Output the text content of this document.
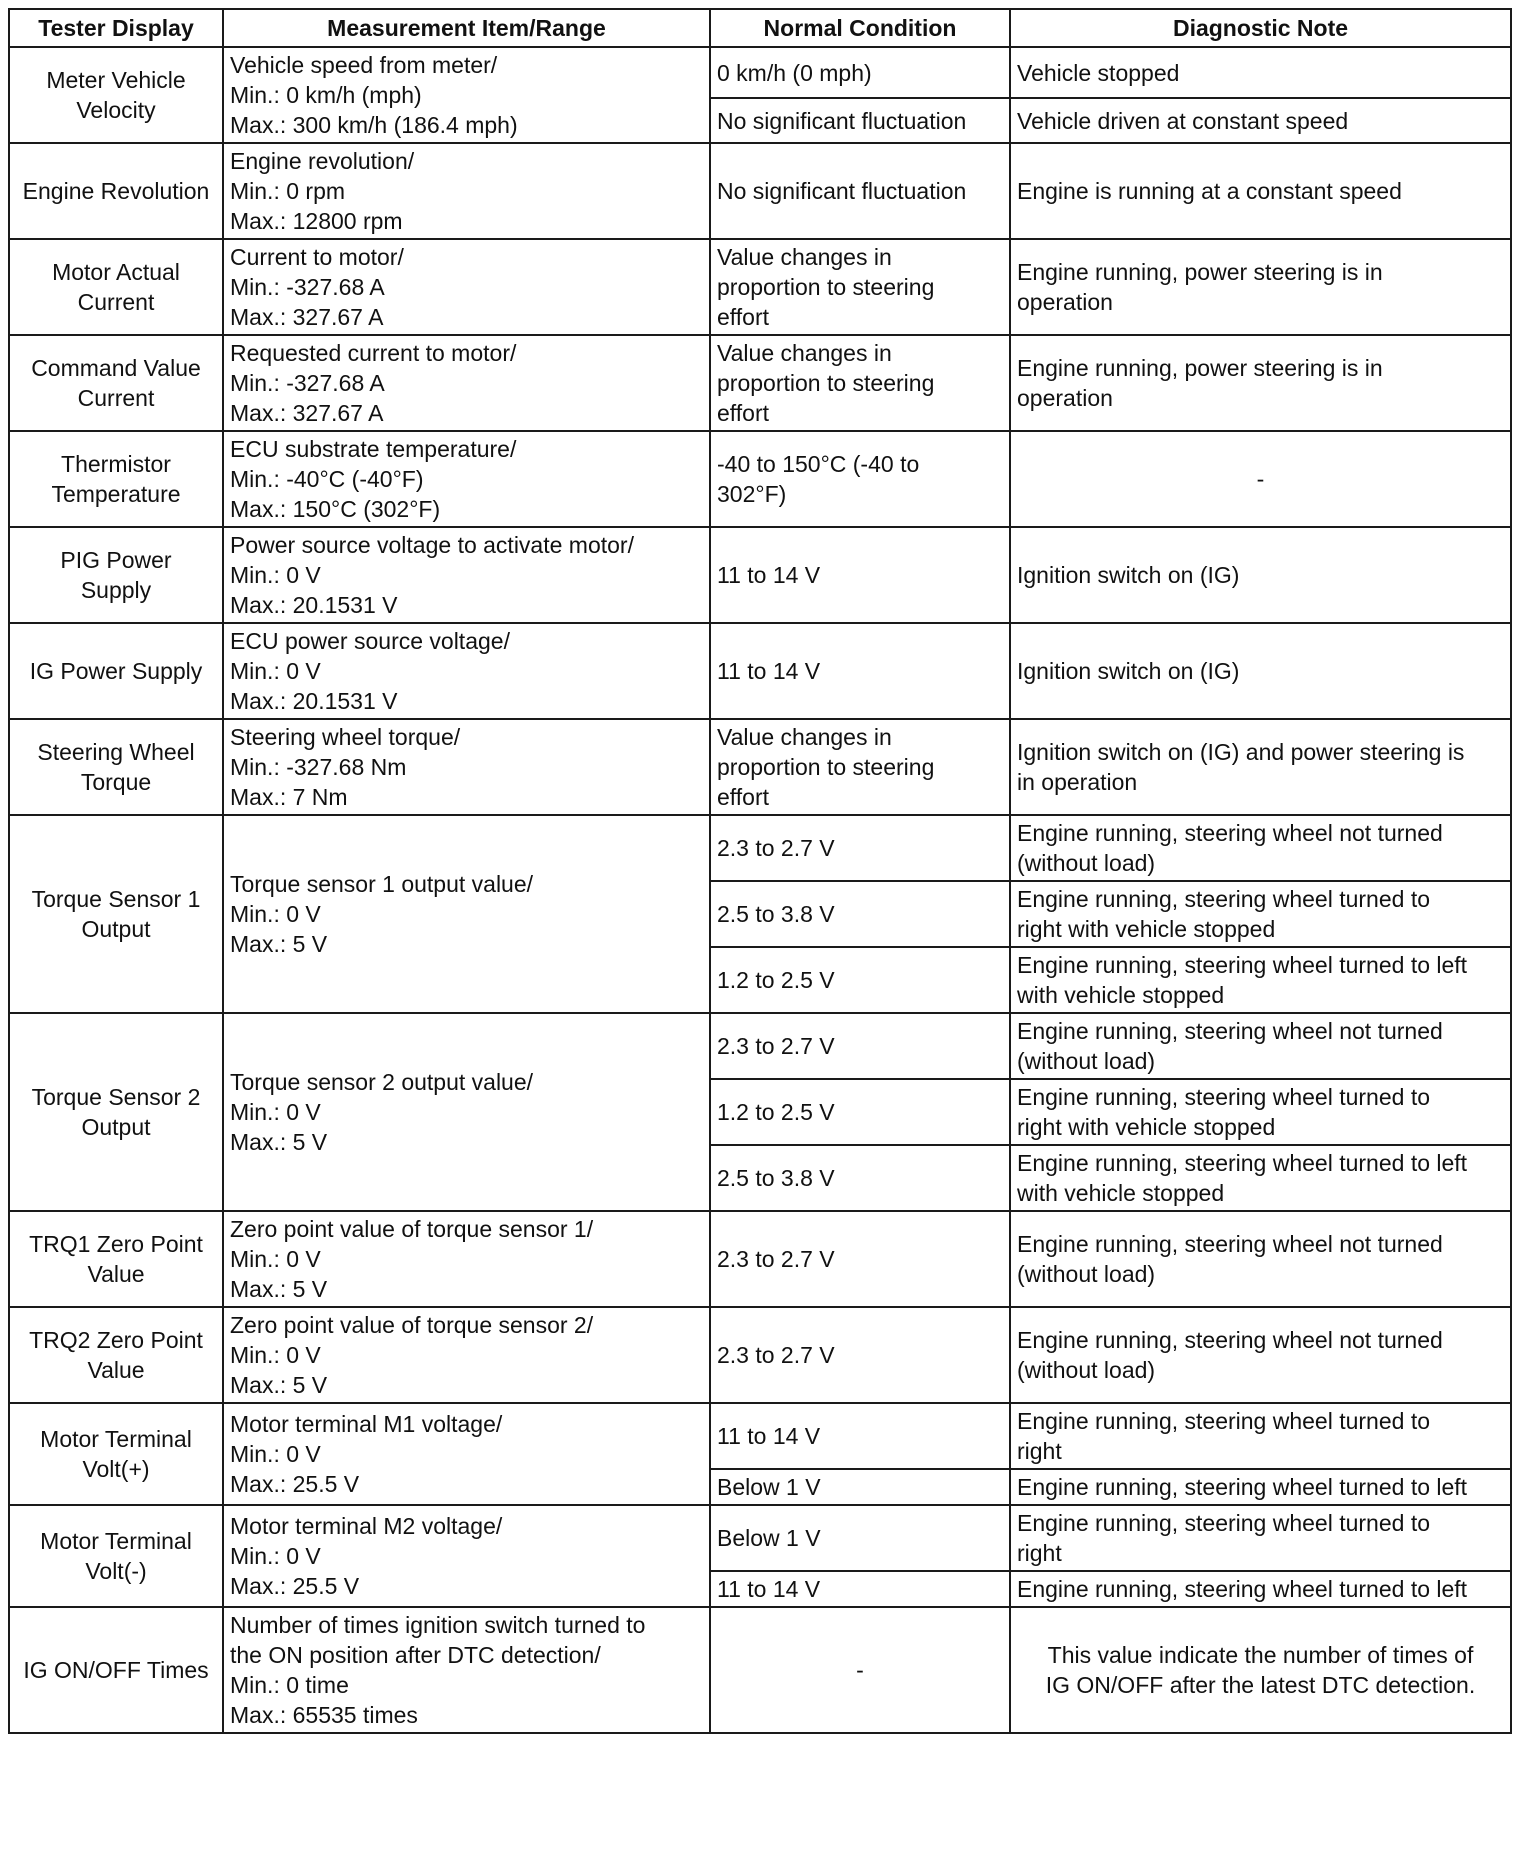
Tester Display	Measurement Item/Range	Normal Condition	Diagnostic Note
Meter Vehicle
Velocity	Vehicle speed from meter/
Min.: 0 km/h (mph)
Max.: 300 km/h (186.4 mph)	0 km/h (0 mph)	Vehicle stopped
		No significant fluctuation	Vehicle driven at constant speed
Engine Revolution	Engine revolution/
Min.: 0 rpm
Max.: 12800 rpm	No significant fluctuation	Engine is running at a constant speed
Motor Actual
Current	Current to motor/
Min.: -327.68 A
Max.: 327.67 A	Value changes in
proportion to steering
effort	Engine running, power steering is in
operation
Command Value
Current	Requested current to motor/
Min.: -327.68 A
Max.: 327.67 A	Value changes in
proportion to steering
effort	Engine running, power steering is in
operation
Thermistor
Temperature	ECU substrate temperature/
Min.: -40°C (-40°F)
Max.: 150°C (302°F)	-40 to 150°C (-40 to
302°F)	-
PIG Power
Supply	Power source voltage to activate motor/
Min.: 0 V
Max.: 20.1531 V	11 to 14 V	Ignition switch on (IG)
IG Power Supply	ECU power source voltage/
Min.: 0 V
Max.: 20.1531 V	11 to 14 V	Ignition switch on (IG)
Steering Wheel
Torque	Steering wheel torque/
Min.: -327.68 Nm
Max.: 7 Nm	Value changes in
proportion to steering
effort	Ignition switch on (IG) and power steering is
in operation
Torque Sensor 1
Output	Torque sensor 1 output value/
Min.: 0 V
Max.: 5 V	2.3 to 2.7 V	Engine running, steering wheel not turned
(without load)
		2.5 to 3.8 V	Engine running, steering wheel turned to
right with vehicle stopped
		1.2 to 2.5 V	Engine running, steering wheel turned to left
with vehicle stopped
Torque Sensor 2
Output	Torque sensor 2 output value/
Min.: 0 V
Max.: 5 V	2.3 to 2.7 V	Engine running, steering wheel not turned
(without load)
		1.2 to 2.5 V	Engine running, steering wheel turned to
right with vehicle stopped
		2.5 to 3.8 V	Engine running, steering wheel turned to left
with vehicle stopped
TRQ1 Zero Point
Value	Zero point value of torque sensor 1/
Min.: 0 V
Max.: 5 V	2.3 to 2.7 V	Engine running, steering wheel not turned
(without load)
TRQ2 Zero Point
Value	Zero point value of torque sensor 2/
Min.: 0 V
Max.: 5 V	2.3 to 2.7 V	Engine running, steering wheel not turned
(without load)
Motor Terminal
Volt(+)	Motor terminal M1 voltage/
Min.: 0 V
Max.: 25.5 V	11 to 14 V	Engine running, steering wheel turned to
right
		Below 1 V	Engine running, steering wheel turned to left
Motor Terminal
Volt(-)	Motor terminal M2 voltage/
Min.: 0 V
Max.: 25.5 V	Below 1 V	Engine running, steering wheel turned to
right
		11 to 14 V	Engine running, steering wheel turned to left
IG ON/OFF Times	Number of times ignition switch turned to
the ON position after DTC detection/
Min.: 0 time
Max.: 65535 times	-	This value indicate the number of times of
IG ON/OFF after the latest DTC detection.
